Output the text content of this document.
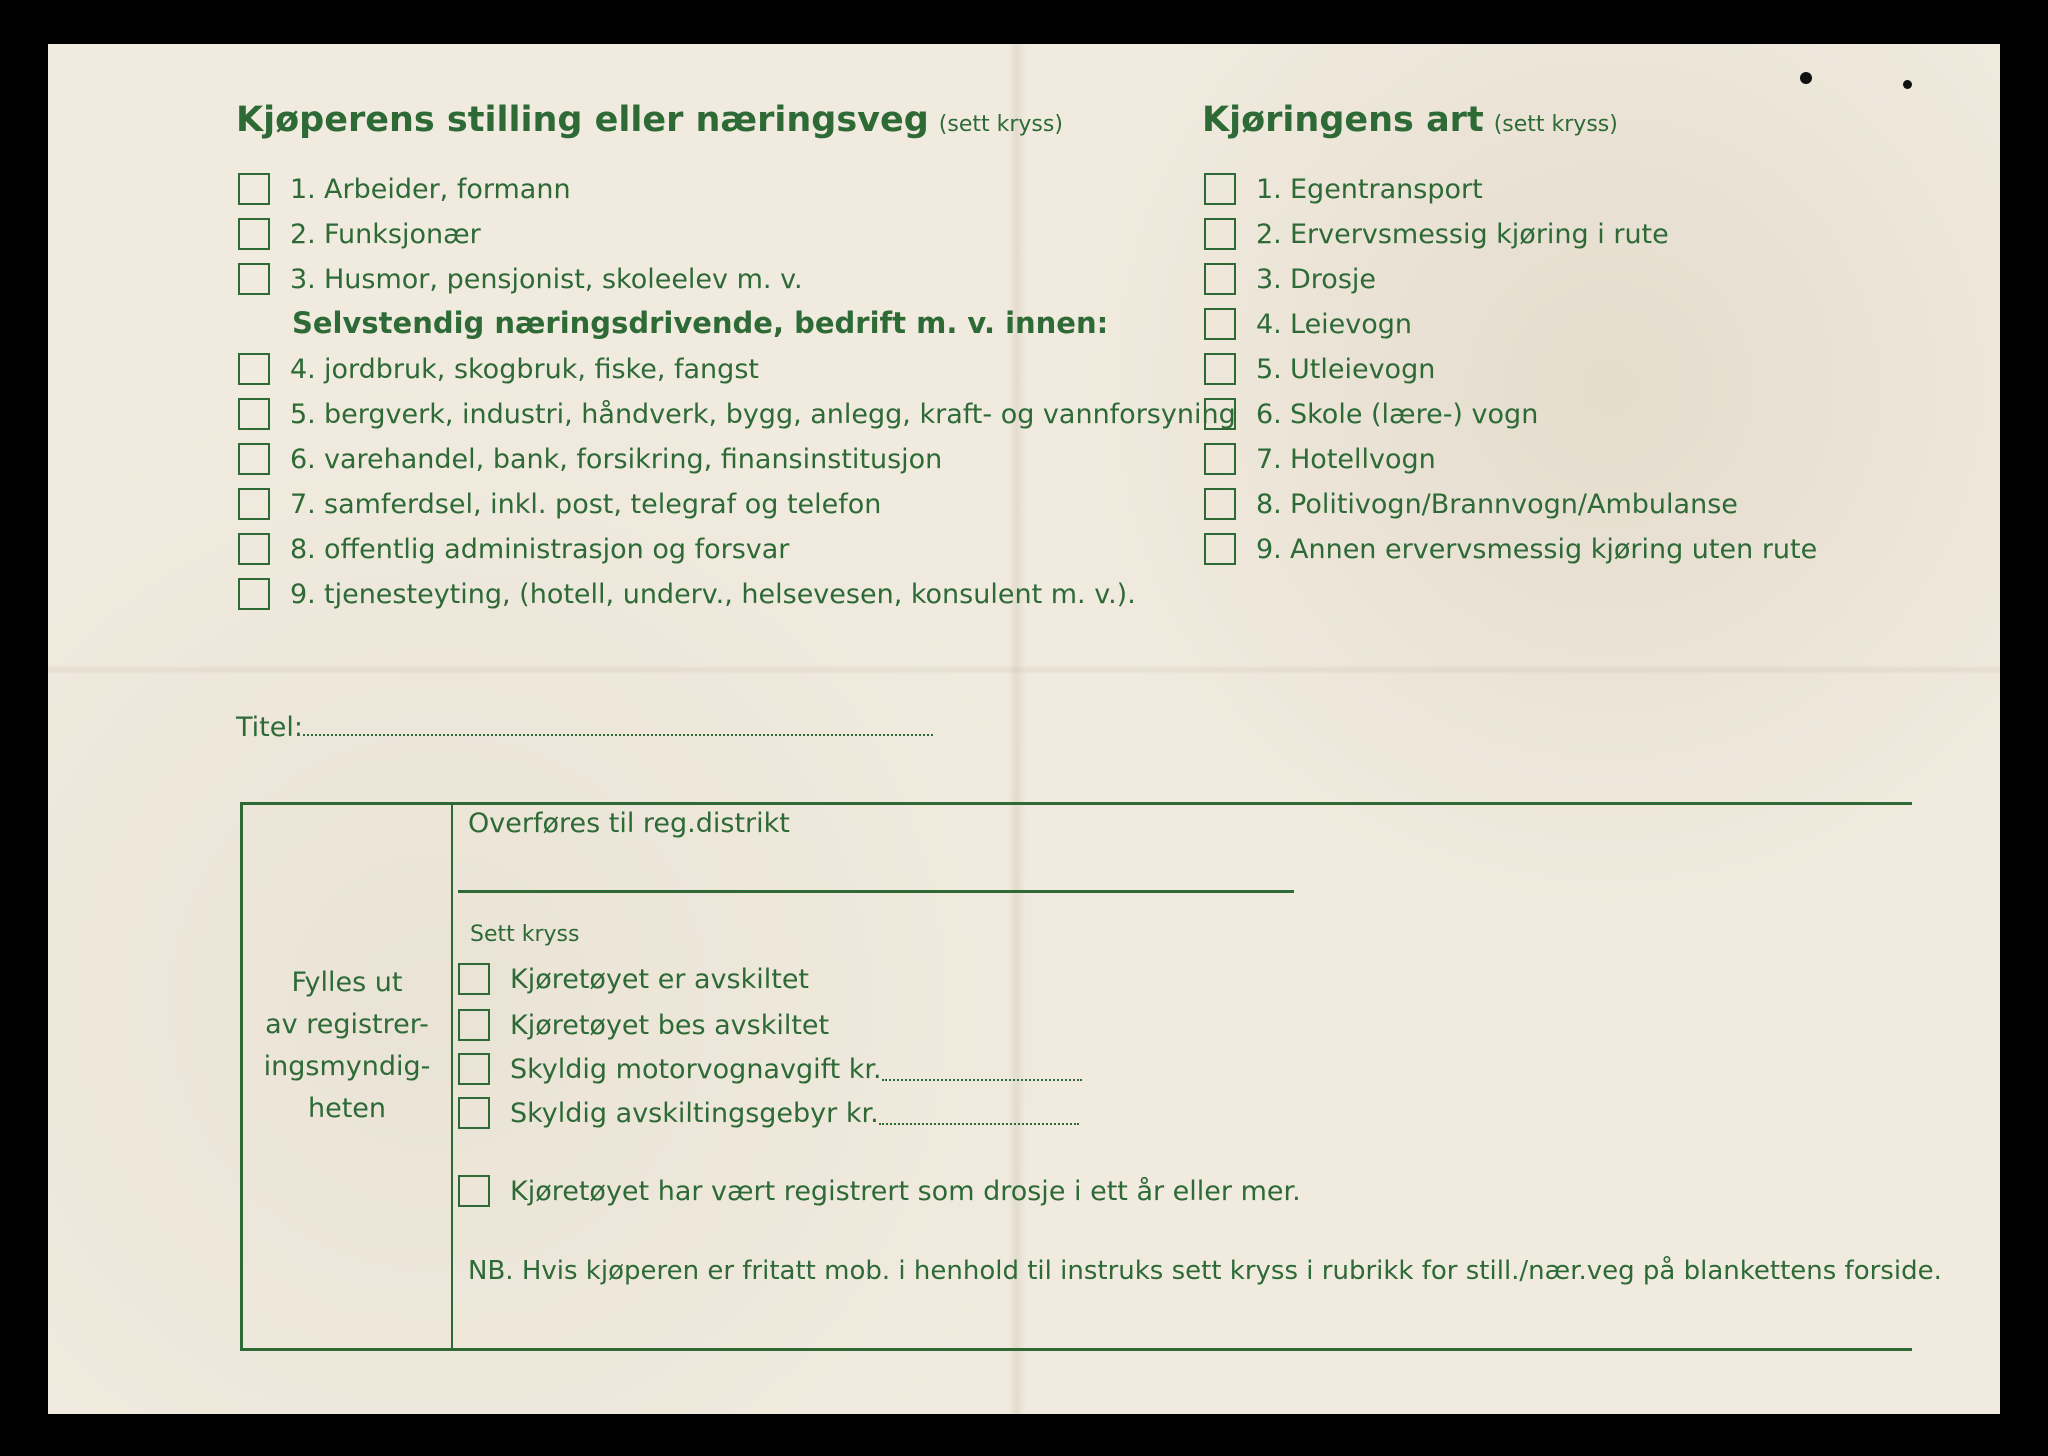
Kjøperens stilling eller næringsveg (sett kryss)
1. Arbeider, formann
2. Funksjonær
3. Husmor, pensjonist, skoleelev m. v.
Selvstendig næringsdrivende, bedrift m. v. innen:
4. jordbruk, skogbruk, fiske, fangst
5. bergverk, industri, håndverk, bygg, anlegg, kraft- og vannforsyning
6. varehandel, bank, forsikring, finansinstitusjon
7. samferdsel, inkl. post, telegraf og telefon
8. offentlig administrasjon og forsvar
9. tjenesteyting, (hotell, underv., helsevesen, konsulent m. v.).
Titel:
Kjøringens art (sett kryss)
1. Egentransport
2. Ervervsmessig kjøring i rute
3. Drosje
4. Leievogn
5. Utleievogn
6. Skole (lære-) vogn
7. Hotellvogn
8. Politivogn/Brannvogn/Ambulanse
9. Annen ervervsmessig kjøring uten rute
Fylles ut
av registrer-
ingsmyndig-
heten
Overføres til reg.distrikt
Sett kryss
Kjøretøyet er avskiltet
Kjøretøyet bes avskiltet
Skyldig motorvognavgift kr.
Skyldig avskiltingsgebyr kr.
Kjøretøyet har vært registrert som drosje i ett år eller mer.
NB. Hvis kjøperen er fritatt mob. i henhold til instruks sett kryss i rubrikk for still./nær.veg på blankettens forside.
